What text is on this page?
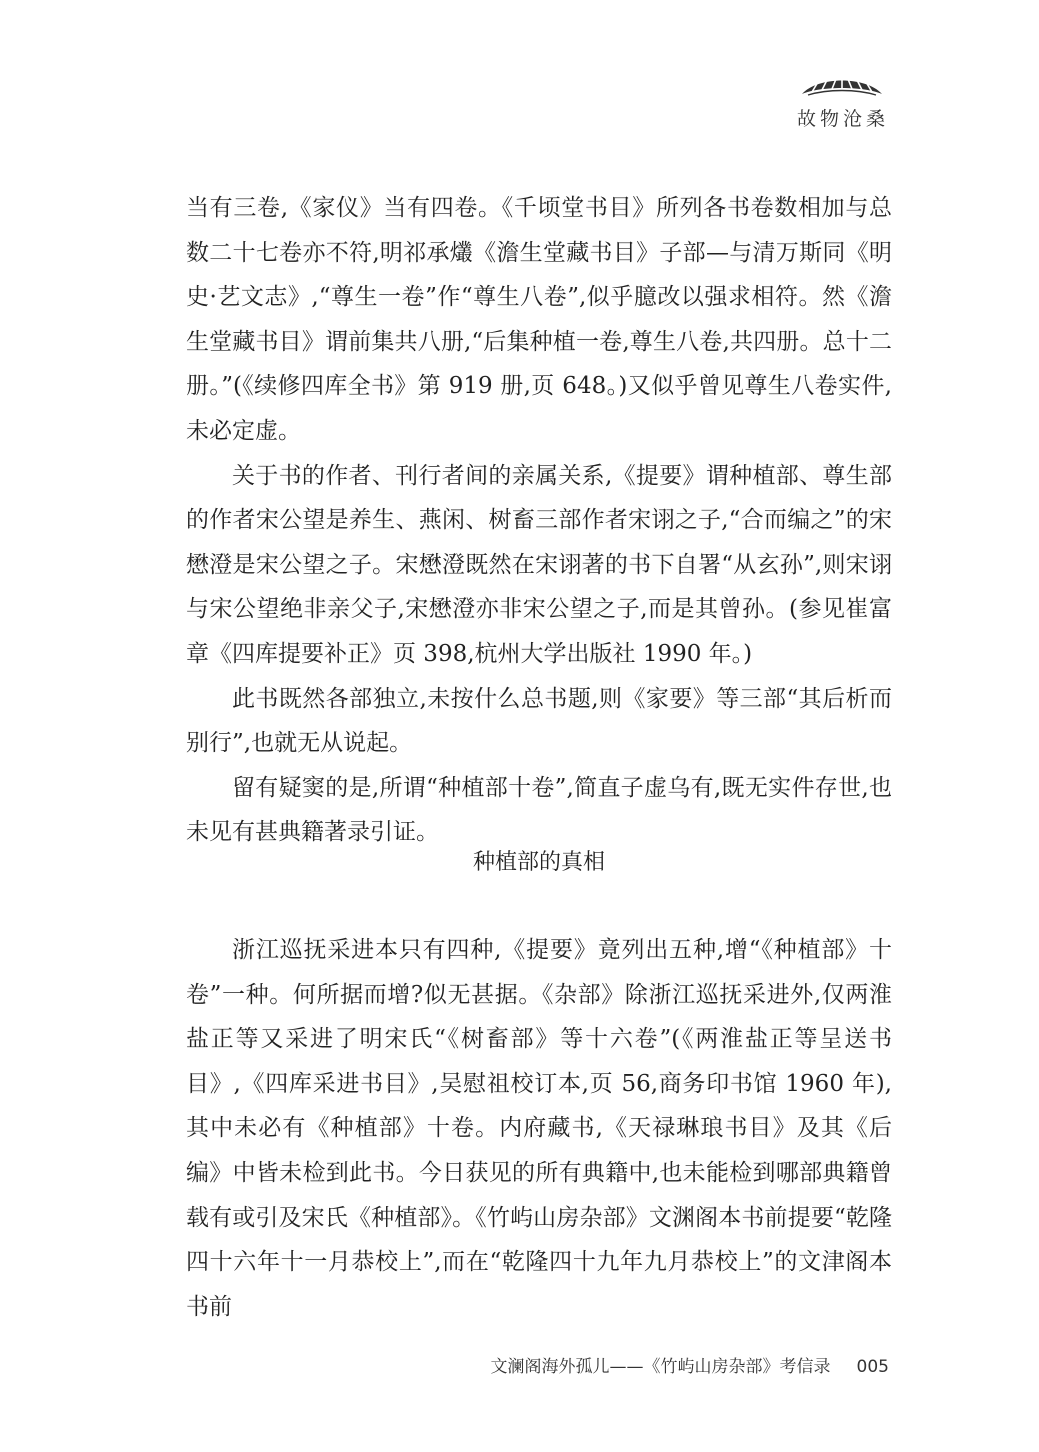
故物沧桑

当有三卷,《家仪》当有四卷。《千顷堂书目》所列各书卷数相加与总数二十七卷亦不符,明祁承爜《澹生堂藏书目》子部—与清万斯同《明史·艺文志》,“尊生一卷”作“尊生八卷”,似乎臆改以强求相符。然《澹生堂藏书目》谓前集共八册,“后集种植一卷,尊生八卷,共四册。总十二册。”(《续修四库全书》第 919 册,页 648。)又似乎曾见尊生八卷实件,未必定虚。

关于书的作者、刊行者间的亲属关系,《提要》谓种植部、尊生部的作者宋公望是养生、燕闲、树畜三部作者宋诩之子,“合而编之”的宋懋澄是宋公望之子。宋懋澄既然在宋诩著的书下自署“从玄孙”,则宋诩与宋公望绝非亲父子,宋懋澄亦非宋公望之子,而是其曾孙。(参见崔富章《四库提要补正》页 398,杭州大学出版社 1990 年。)

此书既然各部独立,未按什么总书题,则《家要》等三部“其后析而别行”,也就无从说起。

留有疑窦的是,所谓“种植部十卷”,简直子虚乌有,既无实件存世,也未见有甚典籍著录引证。

种植部的真相

浙江巡抚采进本只有四种,《提要》竟列出五种,增“《种植部》十卷”一种。何所据而增?似无甚据。《杂部》除浙江巡抚采进外,仅两淮盐正等又采进了明宋氏“《树畜部》等十六卷”(《两淮盐正等呈送书目》,《四库采进书目》,吴慰祖校订本,页 56,商务印书馆 1960 年),其中未必有《种植部》十卷。内府藏书,《天禄琳琅书目》及其《后编》中皆未检到此书。今日获见的所有典籍中,也未能检到哪部典籍曾载有或引及宋氏《种植部》。《竹屿山房杂部》文渊阁本书前提要“乾隆四十六年十一月恭校上”,而在“乾隆四十九年九月恭校上”的文津阁本书前

文澜阁海外孤儿——《竹屿山房杂部》考信录 005
